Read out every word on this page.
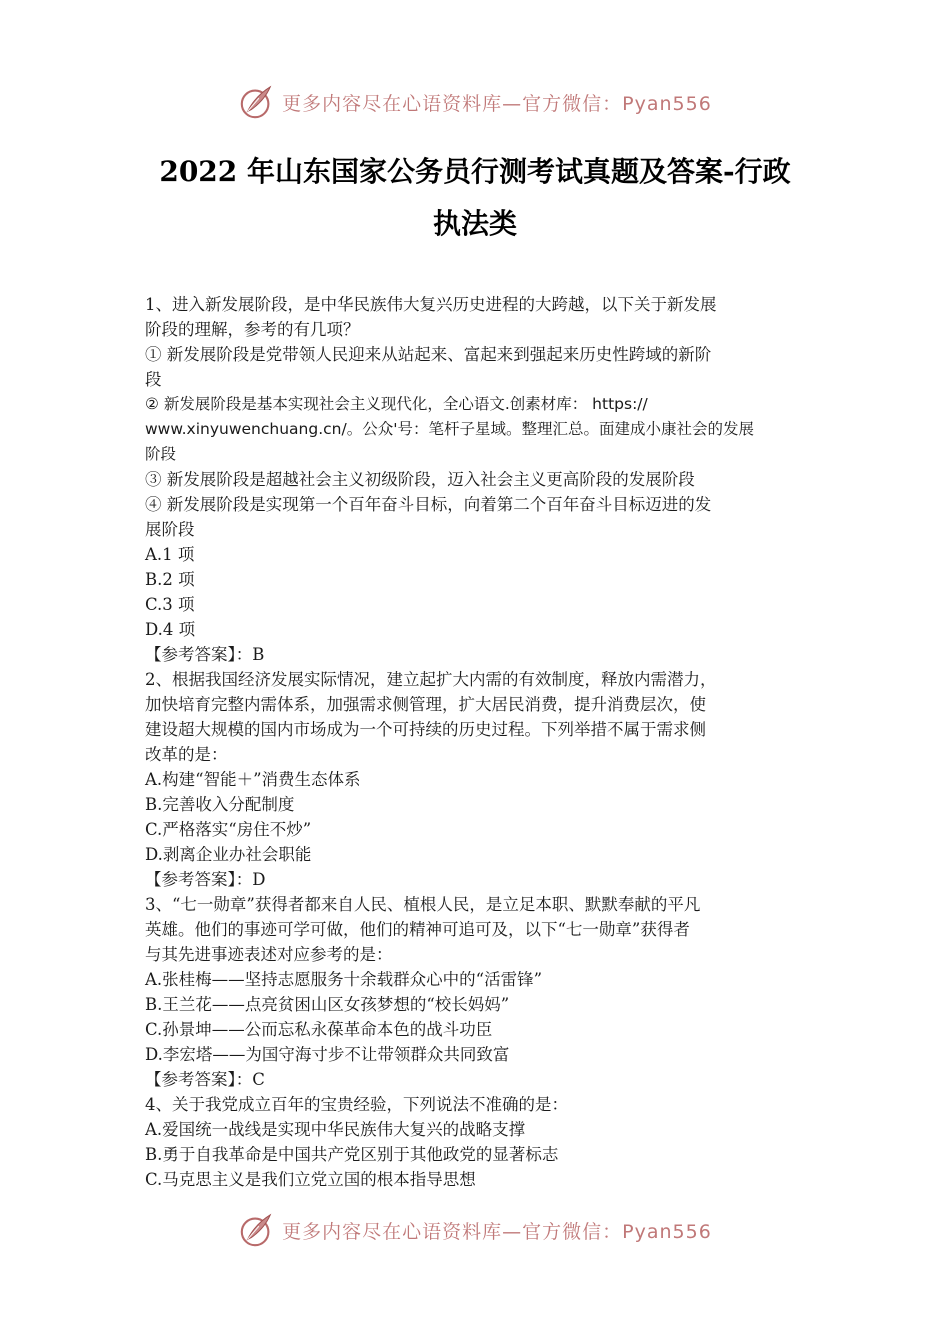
更多内容尽在心语资料库—官方微信：Pyan556
2022 年山东国家公务员行测考试真题及答案-行政
执法类
1、进入新发展阶段，是中华民族伟大复兴历史进程的大跨越，以下关于新发展
阶段的理解，参考的有几项？
① 新发展阶段是党带领人民迎来从站起来、富起来到强起来历史性跨域的新阶
段
② 新发展阶段是基本实现社会主义现代化，全心语文.创素材库： https://
www.xinyuwenchuang.cn/。公众'号：笔杆子星域。整理汇总。面建成小康社会的发展
阶段
③ 新发展阶段是超越社会主义初级阶段，迈入社会主义更高阶段的发展阶段
④ 新发展阶段是实现第一个百年奋斗目标，向着第二个百年奋斗目标迈进的发
展阶段
A.1 项
B.2 项
C.3 项
D.4 项
【参考答案】：B
2、根据我国经济发展实际情况，建立起扩大内需的有效制度，释放内需潜力，
加快培育完整内需体系，加强需求侧管理，扩大居民消费，提升消费层次，使
建设超大规模的国内市场成为一个可持续的历史过程。下列举措不属于需求侧
改革的是：
A.构建“智能＋”消费生态体系
B.完善收入分配制度
C.严格落实“房住不炒”
D.剥离企业办社会职能
【参考答案】：D
3、“七一勋章”获得者都来自人民、植根人民，是立足本职、默默奉献的平凡
英雄。他们的事迹可学可做，他们的精神可追可及，以下“七一勋章”获得者
与其先进事迹表述对应参考的是：
A.张桂梅——坚持志愿服务十余载群众心中的“活雷锋”
B.王兰花——点亮贫困山区女孩梦想的“校长妈妈”
C.孙景坤——公而忘私永葆革命本色的战斗功臣
D.李宏塔——为国守海寸步不让带领群众共同致富
【参考答案】：C
4、关于我党成立百年的宝贵经验，下列说法不准确的是：
A.爱国统一战线是实现中华民族伟大复兴的战略支撑
B.勇于自我革命是中国共产党区别于其他政党的显著标志
C.马克思主义是我们立党立国的根本指导思想
更多内容尽在心语资料库—官方微信：Pyan556
